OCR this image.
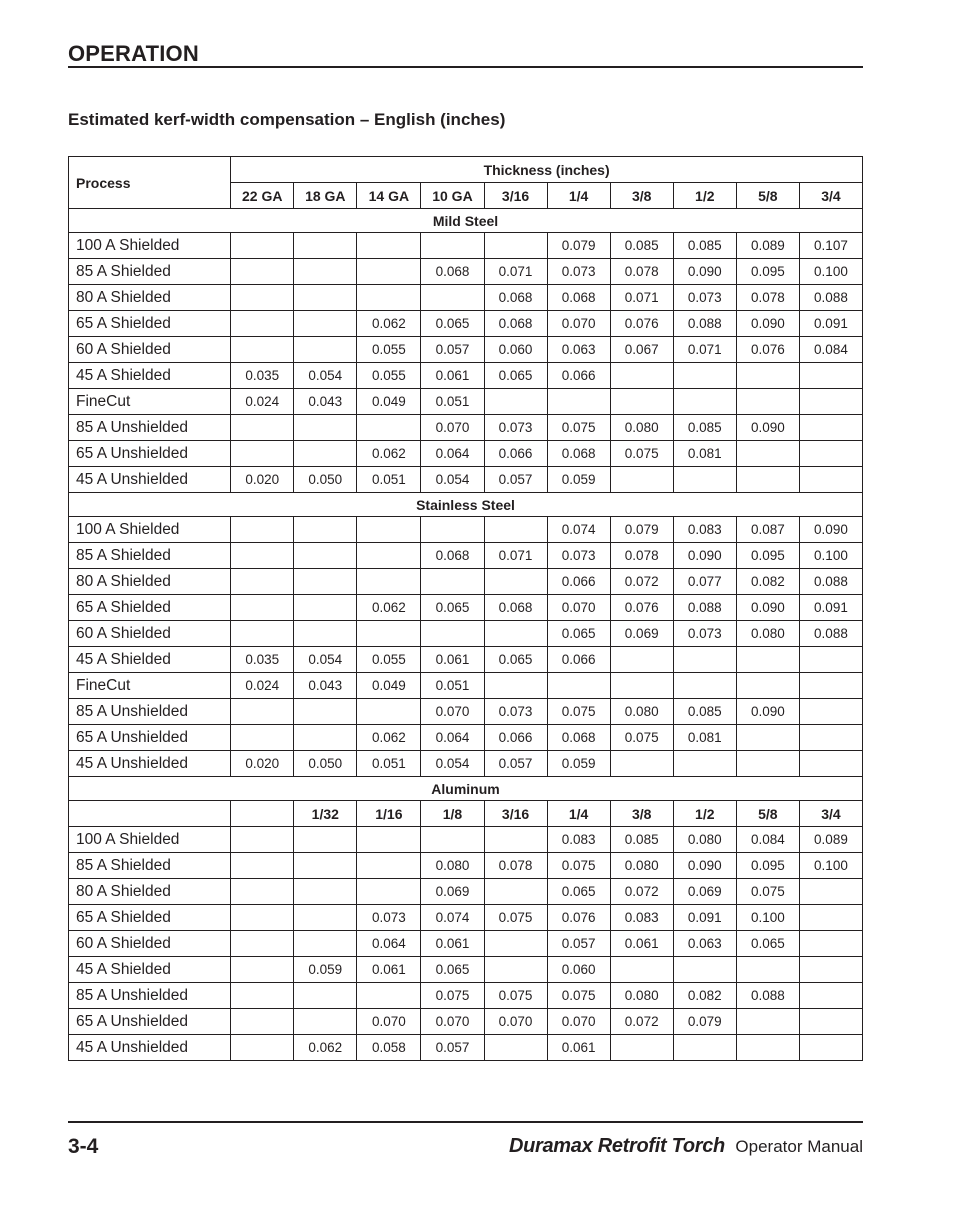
OPERATION
Estimated kerf-width compensation – English (inches)
Process	Thickness (inches)									
	22 GA	18 GA	14 GA	10 GA	3/16	1/4	3/8	1/2	5/8	3/4
Mild Steel										
100 A Shielded						0.079	0.085	0.085	0.089	0.107
85 A Shielded				0.068	0.071	0.073	0.078	0.090	0.095	0.100
80 A Shielded					0.068	0.068	0.071	0.073	0.078	0.088
65 A Shielded			0.062	0.065	0.068	0.070	0.076	0.088	0.090	0.091
60 A Shielded			0.055	0.057	0.060	0.063	0.067	0.071	0.076	0.084
45 A Shielded	0.035	0.054	0.055	0.061	0.065	0.066				
FineCut	0.024	0.043	0.049	0.051						
85 A Unshielded				0.070	0.073	0.075	0.080	0.085	0.090	
65 A Unshielded			0.062	0.064	0.066	0.068	0.075	0.081		
45 A Unshielded	0.020	0.050	0.051	0.054	0.057	0.059				
Stainless Steel										
100 A Shielded						0.074	0.079	0.083	0.087	0.090
85 A Shielded				0.068	0.071	0.073	0.078	0.090	0.095	0.100
80 A Shielded						0.066	0.072	0.077	0.082	0.088
65 A Shielded			0.062	0.065	0.068	0.070	0.076	0.088	0.090	0.091
60 A Shielded						0.065	0.069	0.073	0.080	0.088
45 A Shielded	0.035	0.054	0.055	0.061	0.065	0.066				
FineCut	0.024	0.043	0.049	0.051						
85 A Unshielded				0.070	0.073	0.075	0.080	0.085	0.090	
65 A Unshielded			0.062	0.064	0.066	0.068	0.075	0.081		
45 A Unshielded	0.020	0.050	0.051	0.054	0.057	0.059				
Aluminum										
		1/32	1/16	1/8	3/16	1/4	3/8	1/2	5/8	3/4
100 A Shielded						0.083	0.085	0.080	0.084	0.089
85 A Shielded				0.080	0.078	0.075	0.080	0.090	0.095	0.100
80 A Shielded				0.069		0.065	0.072	0.069	0.075	
65 A Shielded			0.073	0.074	0.075	0.076	0.083	0.091	0.100	
60 A Shielded			0.064	0.061		0.057	0.061	0.063	0.065	
45 A Shielded		0.059	0.061	0.065		0.060				
85 A Unshielded				0.075	0.075	0.075	0.080	0.082	0.088	
65 A Unshielded			0.070	0.070	0.070	0.070	0.072	0.079		
45 A Unshielded		0.062	0.058	0.057		0.061				
3-4	Duramax Retrofit Torch Operator Manual
